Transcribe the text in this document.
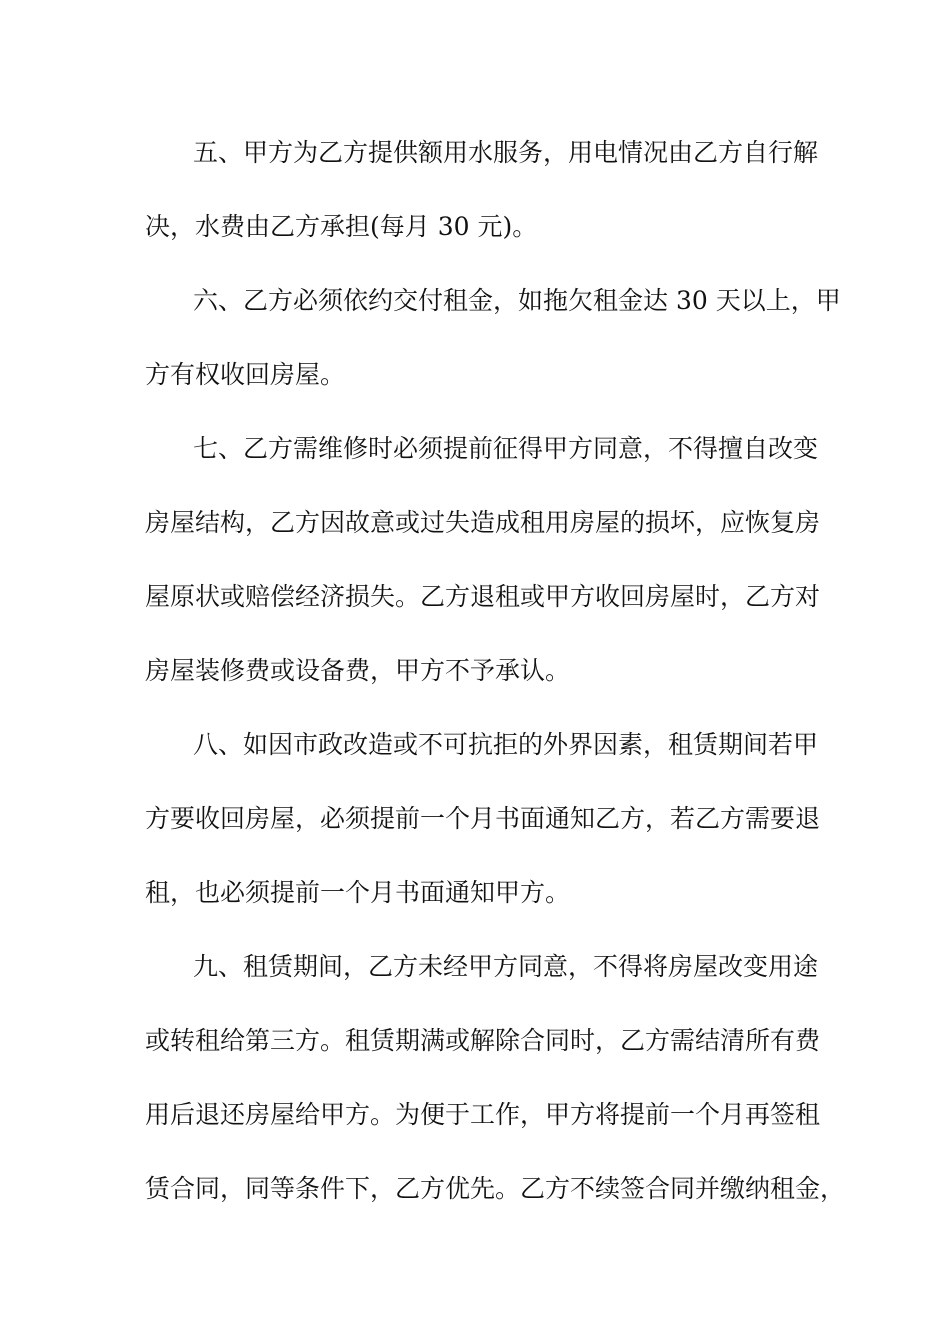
五、甲方为乙方提供额用水服务，用电情况由乙方自行解
决，水费由乙方承担(每月 30 元)。
六、乙方必须依约交付租金，如拖欠租金达 30 天以上，甲
方有权收回房屋。
七、乙方需维修时必须提前征得甲方同意，不得擅自改变
房屋结构，乙方因故意或过失造成租用房屋的损坏，应恢复房
屋原状或赔偿经济损失。乙方退租或甲方收回房屋时，乙方对
房屋装修费或设备费，甲方不予承认。
八、如因市政改造或不可抗拒的外界因素，租赁期间若甲
方要收回房屋，必须提前一个月书面通知乙方，若乙方需要退
租，也必须提前一个月书面通知甲方。
九、租赁期间，乙方未经甲方同意，不得将房屋改变用途
或转租给第三方。租赁期满或解除合同时，乙方需结清所有费
用后退还房屋给甲方。为便于工作，甲方将提前一个月再签租
赁合同，同等条件下，乙方优先。乙方不续签合同并缴纳租金，
